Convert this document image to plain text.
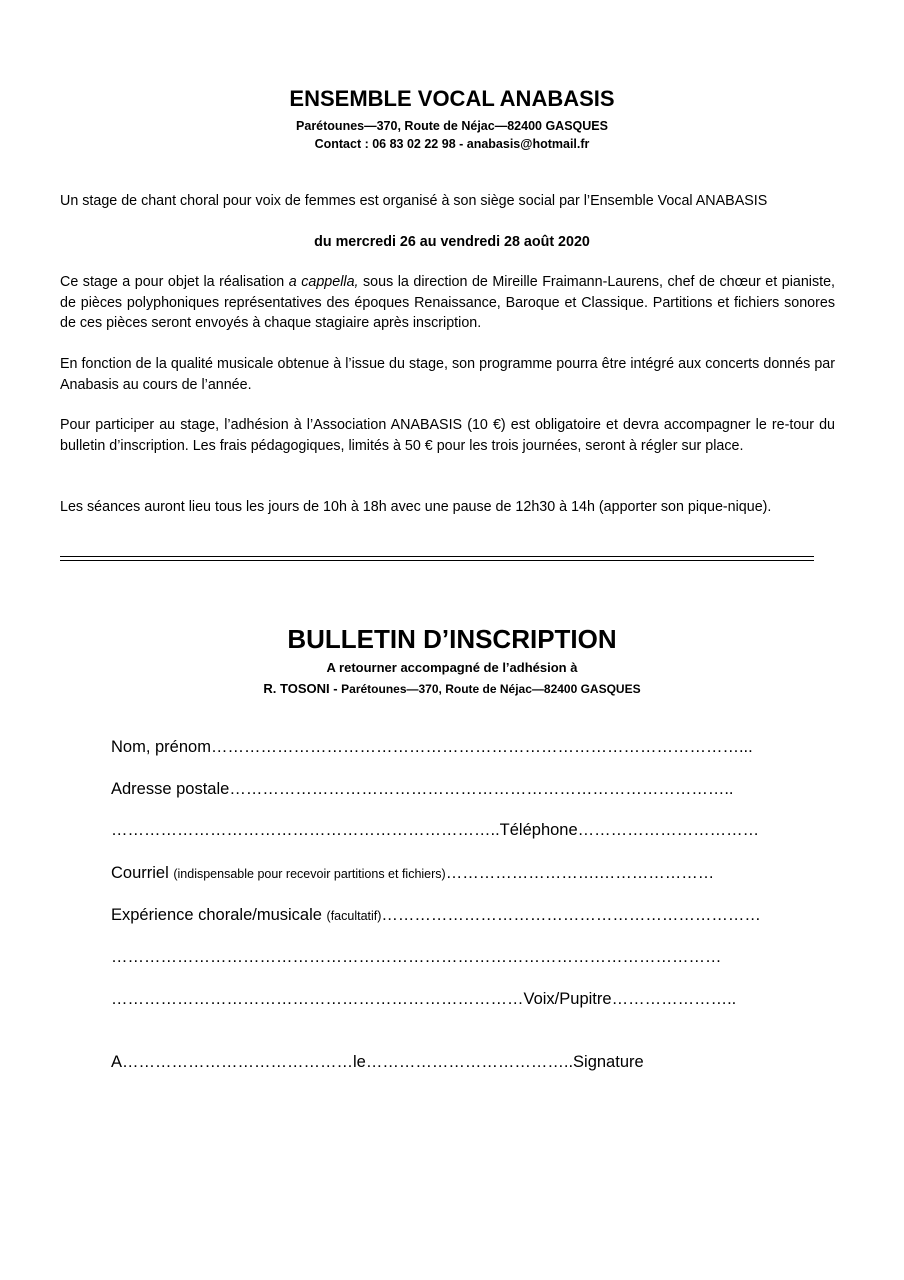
ENSEMBLE VOCAL ANABASIS
Parétounes—370, Route de Néjac—82400 GASQUES
Contact : 06 83 02 22 98 - anabasis@hotmail.fr
Un stage de chant choral pour voix de femmes est organisé à son siège social par l’Ensemble Vocal ANABASIS
du mercredi 26 au vendredi 28 août 2020
Ce stage a pour objet la réalisation a cappella, sous la direction de Mireille Fraimann-Laurens, chef de chœur et pianiste, de pièces polyphoniques représentatives des époques Renaissance, Baroque et Classique. Partitions et fichiers sonores de ces pièces seront envoyés à chaque stagiaire après inscription.
En fonction de la qualité musicale obtenue à l’issue du stage, son programme pourra être intégré aux concerts donnés par Anabasis au cours de l’année.
Pour participer au stage, l’adhésion à l’Association ANABASIS (10 €) est obligatoire et devra accompagner le re-tour du bulletin d’inscription. Les frais pédagogiques, limités à 50 € pour les trois journées, seront à régler sur place.
Les séances auront lieu tous les jours de 10h à 18h avec une pause de 12h30 à 14h (apporter son pique-nique).
BULLETIN D’INSCRIPTION
A retourner accompagné de l’adhésion à
R. TOSONI - Parétounes—370, Route de Néjac—82400 GASQUES
Nom, prénom……………………………………………………………………………………...
Adresse postale………………………………………………………………………………..
……………………………………………………………..Téléphone……………………………
Courriel (indispensable pour recevoir partitions et fichiers)……………………….…………………
Expérience chorale/musicale (facultatif)……………………………………………………………
…………………………………………………………………………………………………
…………………………………………………………………Voix/Pupitre…………………..
A……………………………………le………………………………..Signature
